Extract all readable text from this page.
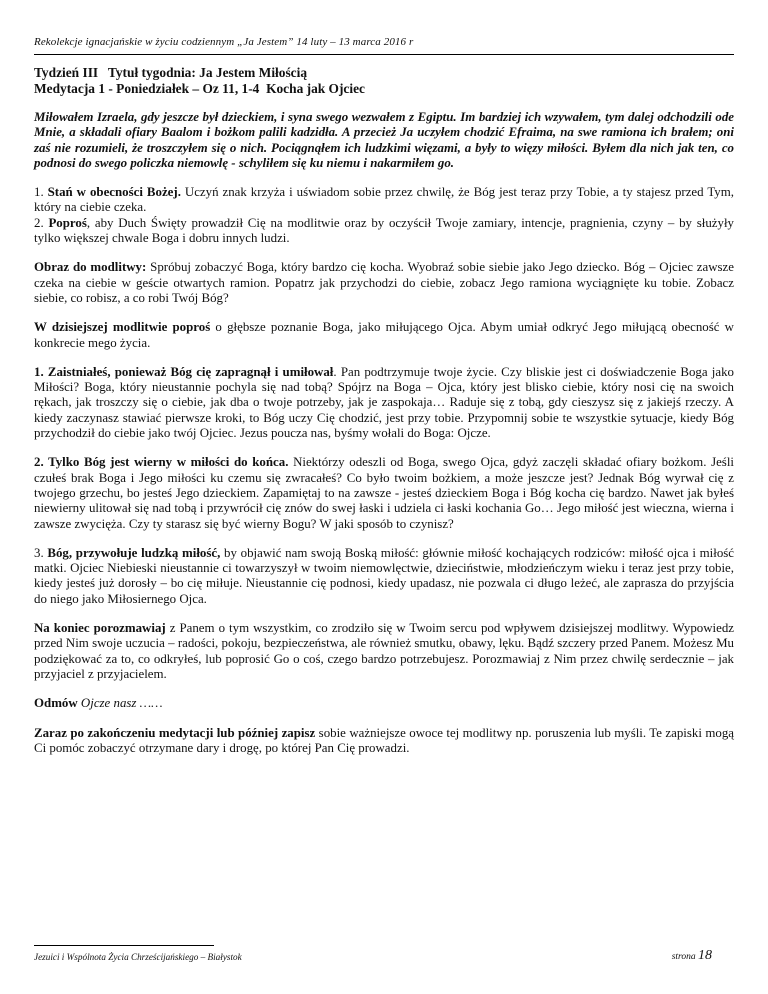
Rekolekcje ignacjańskie w życiu codziennym „Ja Jestem” 14 luty – 13 marca 2016 r
Tydzień III   Tytuł tygodnia: Ja Jestem Miłością
Medytacja 1 - Poniedziałek – Oz 11, 1-4  Kocha jak Ojciec

Miłowałem Izraela, gdy jeszcze był dzieckiem, i syna swego wezwałem z Egiptu. Im bardziej ich wzywałem, tym dalej odchodzili ode Mnie, a składali ofiary Baalom i bożkom palili kadzidła. A przecież Ja uczyłem chodzić Efraima, na swe ramiona ich brałem; oni zaś nie rozumieli, że troszczyłem się o nich. Pociągnąłem ich ludzkimi więzami, a były to więzy miłości. Byłem dla nich jak ten, co podnosi do swego policzka niemowlę - schyliłem się ku niemu i nakarmiłem go.

1. Stań w obecności Bożej. Uczyń znak krzyża i uświadom sobie przez chwilę, że Bóg jest teraz przy Tobie, a ty stajesz przed Tym, który na ciebie czeka.
2. Poproś, aby Duch Święty prowadził Cię na modlitwie oraz by oczyścił Twoje zamiary, intencje, pragnienia, czyny – by służyły tylko większej chwale Boga i dobru innych ludzi.

Obraz do modlitwy: Spróbuj zobaczyć Boga, który bardzo cię kocha. Wyobraź sobie siebie jako Jego dziecko. Bóg – Ojciec zawsze czeka na ciebie w geście otwartych ramion. Popatrz jak przychodzi do ciebie, zobacz Jego ramiona wyciągnięte ku tobie. Zobacz siebie, co robisz, a co robi Twój Bóg?

W dzisiejszej modlitwie poproś o głębsze poznanie Boga, jako miłującego Ojca. Abym umiał odkryć Jego miłującą obecność w konkrecie mego życia.

1. Zaistniałeś, ponieważ Bóg cię zapragnął i umiłował. Pan podtrzymuje twoje życie. Czy bliskie jest ci doświadczenie Boga jako Miłości? Boga, który nieustannie pochyla się nad tobą? Spójrz na Boga – Ojca, który jest blisko ciebie, który nosi cię na swoich rękach, jak troszczy się o ciebie, jak dba o twoje potrzeby, jak je zaspokaja… Raduje się z tobą, gdy cieszysz się z jakiejś rzeczy. A kiedy zaczynasz stawiać pierwsze kroki, to Bóg uczy Cię chodzić, jest przy tobie. Przypomnij sobie te wszystkie sytuacje, kiedy Bóg przychodził do ciebie jako twój Ojciec. Jezus poucza nas, byśmy wołali do Boga: Ojcze.

2. Tylko Bóg jest wierny w miłości do końca. Niektórzy odeszli od Boga, swego Ojca, gdyż zaczęli składać ofiary bożkom. Jeśli czułeś brak Boga i Jego miłości ku czemu się zwracałeś? Co było twoim bożkiem, a może jeszcze jest? Jednak Bóg wyrwał cię z twojego grzechu, bo jesteś Jego dzieckiem. Zapamiętaj to na zawsze - jesteś dzieckiem Boga i Bóg kocha cię bardzo. Nawet jak byłeś niewierny ulitował się nad tobą i przywrócił cię znów do swej łaski i udziela ci łaski kochania Go… Jego miłość jest wieczna, wierna i zawsze zwycięża. Czy ty starasz się być wierny Bogu? W jaki sposób to czynisz?

3. Bóg, przywołuje ludzką miłość, by objawić nam swoją Boską miłość: głównie miłość kochających rodziców: miłość ojca i miłość matki. Ojciec Niebieski nieustannie ci towarzyszył w twoim niemowlęctwie, dzieciństwie, młodzieńczym wieku i teraz jest przy tobie, kiedy jesteś już dorosły – bo cię miłuje. Nieustannie cię podnosi, kiedy upadasz, nie pozwala ci długo leżeć, ale zaprasza do przyjścia do niego jako Miłosiernego Ojca.

Na koniec porozmawiaj z Panem o tym wszystkim, co zrodziło się w Twoim sercu pod wpływem dzisiejszej modlitwy. Wypowiedz przed Nim swoje uczucia – radości, pokoju, bezpieczeństwa, ale również smutku, obawy, lęku. Bądź szczery przed Panem. Możesz Mu podziękować za to, co odkryłeś, lub poprosić Go o coś, czego bardzo potrzebujesz. Porozmawiaj z Nim przez chwilę serdecznie – jak przyjaciel z przyjacielem.

Odmów Ojcze nasz ……

Zaraz po zakończeniu medytacji lub później zapisz sobie ważniejsze owoce tej modlitwy np. poruszenia lub myśli. Te zapiski mogą Ci pomóc zobaczyć otrzymane dary i drogę, po której Pan Cię prowadzi.

Jezuici i Wspólnota Życia Chrześcijańskiego – Białystok	strona 18
